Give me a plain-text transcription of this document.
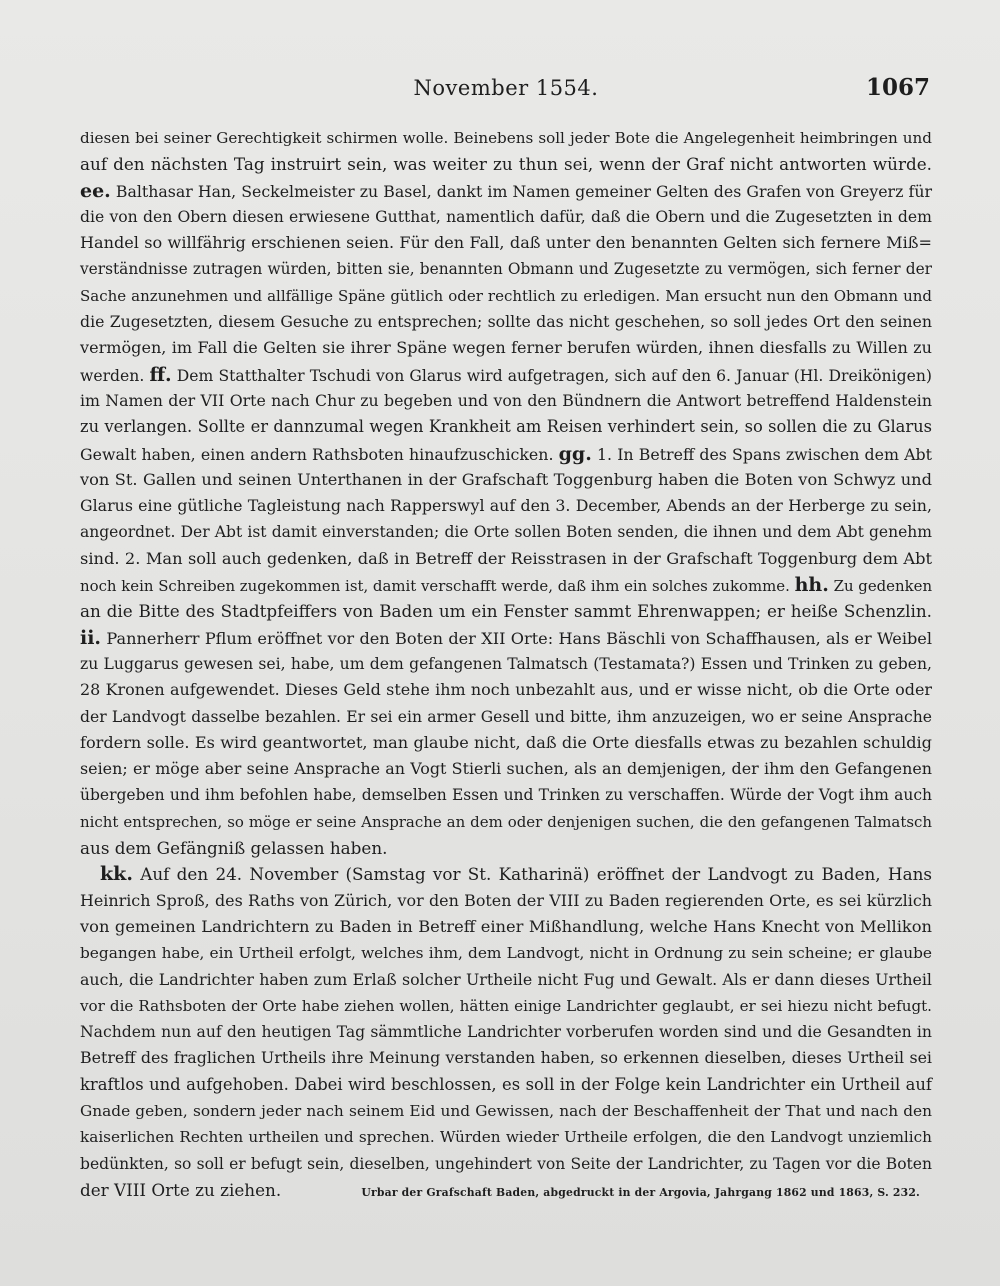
November 1554.	1067
diesen bei seiner Gerechtigkeit schirmen wolle. Beinebens soll jeder Bote die Angelegenheit heimbringen und
auf den nächsten Tag instruirt sein, was weiter zu thun sei, wenn der Graf nicht antworten würde.
ee. Balthasar Han, Seckelmeister zu Basel, dankt im Namen gemeiner Gelten des Grafen von Greyerz für
die von den Obern diesen erwiesene Gutthat, namentlich dafür, daß die Obern und die Zugesetzten in dem
Handel so willfährig erschienen seien. Für den Fall, daß unter den benannten Gelten sich fernere Miß=
verständnisse zutragen würden, bitten sie, benannten Obmann und Zugesetzte zu vermögen, sich ferner der
Sache anzunehmen und allfällige Späne gütlich oder rechtlich zu erledigen. Man ersucht nun den Obmann und
die Zugesetzten, diesem Gesuche zu entsprechen; sollte das nicht geschehen, so soll jedes Ort den seinen
vermögen, im Fall die Gelten sie ihrer Späne wegen ferner berufen würden, ihnen diesfalls zu Willen zu
werden. ff. Dem Statthalter Tschudi von Glarus wird aufgetragen, sich auf den 6. Januar (Hl. Dreikönigen)
im Namen der VII Orte nach Chur zu begeben und von den Bündnern die Antwort betreffend Haldenstein
zu verlangen. Sollte er dannzumal wegen Krankheit am Reisen verhindert sein, so sollen die zu Glarus
Gewalt haben, einen andern Rathsboten hinaufzuschicken. gg. 1. In Betreff des Spans zwischen dem Abt
von St. Gallen und seinen Unterthanen in der Grafschaft Toggenburg haben die Boten von Schwyz und
Glarus eine gütliche Tagleistung nach Rapperswyl auf den 3. December, Abends an der Herberge zu sein,
angeordnet. Der Abt ist damit einverstanden; die Orte sollen Boten senden, die ihnen und dem Abt genehm
sind. 2. Man soll auch gedenken, daß in Betreff der Reisstrasen in der Grafschaft Toggenburg dem Abt
noch kein Schreiben zugekommen ist, damit verschafft werde, daß ihm ein solches zukomme. hh. Zu gedenken
an die Bitte des Stadtpfeiffers von Baden um ein Fenster sammt Ehrenwappen; er heiße Schenzlin.
ii. Pannerherr Pflum eröffnet vor den Boten der XII Orte: Hans Bäschli von Schaffhausen, als er Weibel
zu Luggarus gewesen sei, habe, um dem gefangenen Talmatsch (Testamata?) Essen und Trinken zu geben,
28 Kronen aufgewendet. Dieses Geld stehe ihm noch unbezahlt aus, und er wisse nicht, ob die Orte oder
der Landvogt dasselbe bezahlen. Er sei ein armer Gesell und bitte, ihm anzuzeigen, wo er seine Ansprache
fordern solle. Es wird geantwortet, man glaube nicht, daß die Orte diesfalls etwas zu bezahlen schuldig
seien; er möge aber seine Ansprache an Vogt Stierli suchen, als an demjenigen, der ihm den Gefangenen
übergeben und ihm befohlen habe, demselben Essen und Trinken zu verschaffen. Würde der Vogt ihm auch
nicht entsprechen, so möge er seine Ansprache an dem oder denjenigen suchen, die den gefangenen Talmatsch
aus dem Gefängniß gelassen haben.
kk. Auf den 24. November (Samstag vor St. Katharinä) eröffnet der Landvogt zu Baden, Hans
Heinrich Sproß, des Raths von Zürich, vor den Boten der VIII zu Baden regierenden Orte, es sei kürzlich
von gemeinen Landrichtern zu Baden in Betreff einer Mißhandlung, welche Hans Knecht von Mellikon
begangen habe, ein Urtheil erfolgt, welches ihm, dem Landvogt, nicht in Ordnung zu sein scheine; er glaube
auch, die Landrichter haben zum Erlaß solcher Urtheile nicht Fug und Gewalt. Als er dann dieses Urtheil
vor die Rathsboten der Orte habe ziehen wollen, hätten einige Landrichter geglaubt, er sei hiezu nicht befugt.
Nachdem nun auf den heutigen Tag sämmtliche Landrichter vorberufen worden sind und die Gesandten in
Betreff des fraglichen Urtheils ihre Meinung verstanden haben, so erkennen dieselben, dieses Urtheil sei
kraftlos und aufgehoben. Dabei wird beschlossen, es soll in der Folge kein Landrichter ein Urtheil auf
Gnade geben, sondern jeder nach seinem Eid und Gewissen, nach der Beschaffenheit der That und nach den
kaiserlichen Rechten urtheilen und sprechen. Würden wieder Urtheile erfolgen, die den Landvogt unziemlich
bedünkten, so soll er befugt sein, dieselben, ungehindert von Seite der Landrichter, zu Tagen vor die Boten
der VIII Orte zu ziehen.	Urbar der Grafschaft Baden, abgedruckt in der Argovia, Jahrgang 1862 und 1863, S. 232.
